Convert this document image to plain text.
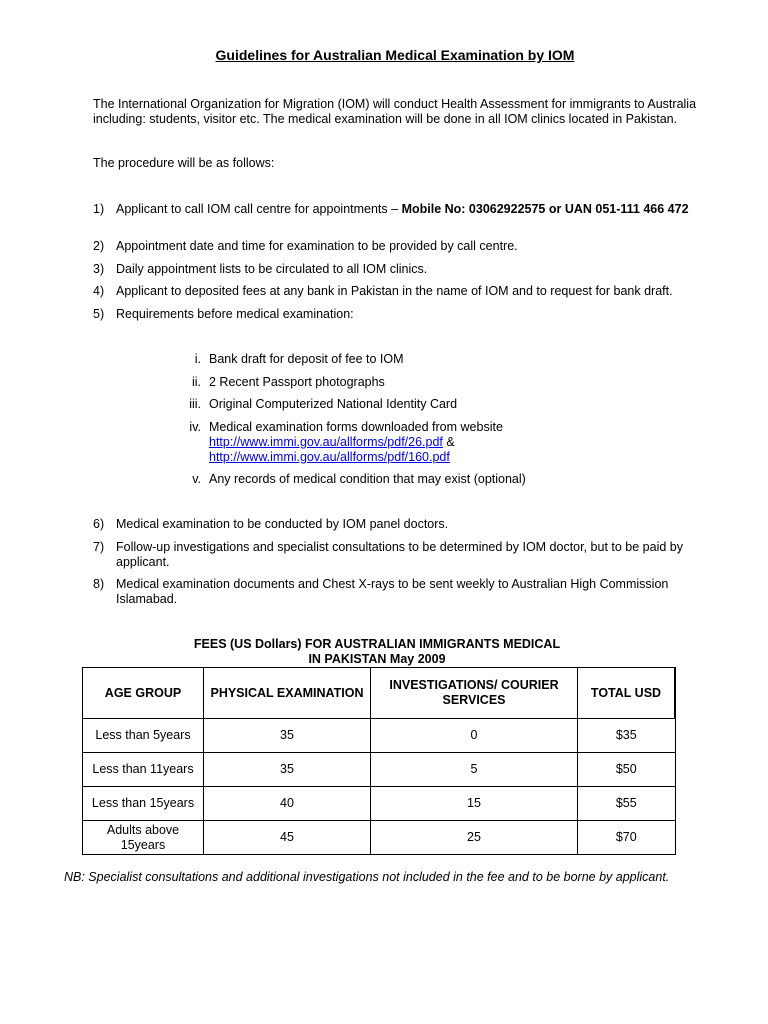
Guidelines for Australian Medical Examination by IOM

The International Organization for Migration (IOM) will conduct Health Assessment for immigrants to Australia including: students, visitor etc. The medical examination will be done in all IOM clinics located in Pakistan.

The procedure will be as follows:

1) Applicant to call IOM call centre for appointments – Mobile No: 03062922575 or UAN 051-111 466 472
2) Appointment date and time for examination to be provided by call centre.
3) Daily appointment lists to be circulated to all IOM clinics.
4) Applicant to deposited fees at any bank in Pakistan in the name of IOM and to request for bank draft.
5) Requirements before medical examination:
i. Bank draft for deposit of fee to IOM
ii. 2 Recent Passport photographs
iii. Original Computerized National Identity Card
iv. Medical examination forms downloaded from website
http://www.immi.gov.au/allforms/pdf/26.pdf &
http://www.immi.gov.au/allforms/pdf/160.pdf
v. Any records of medical condition that may exist (optional)
6) Medical examination to be conducted by IOM panel doctors.
7) Follow-up investigations and specialist consultations to be determined by IOM doctor, but to be paid by applicant.
8) Medical examination documents and Chest X-rays to be sent weekly to Australian High Commission Islamabad.
FEES (US Dollars) FOR AUSTRALIAN IMMIGRANTS MEDICAL
IN PAKISTAN May 2009
AGE GROUP	PHYSICAL EXAMINATION	INVESTIGATIONS/ COURIER SERVICES	TOTAL USD
Less than 5years	35	0	$35
Less than 11years	35	5	$50
Less than 15years	40	15	$55
Adults above 15years	45	25	$70
NB: Specialist consultations and additional investigations not included in the fee and to be borne by applicant.
